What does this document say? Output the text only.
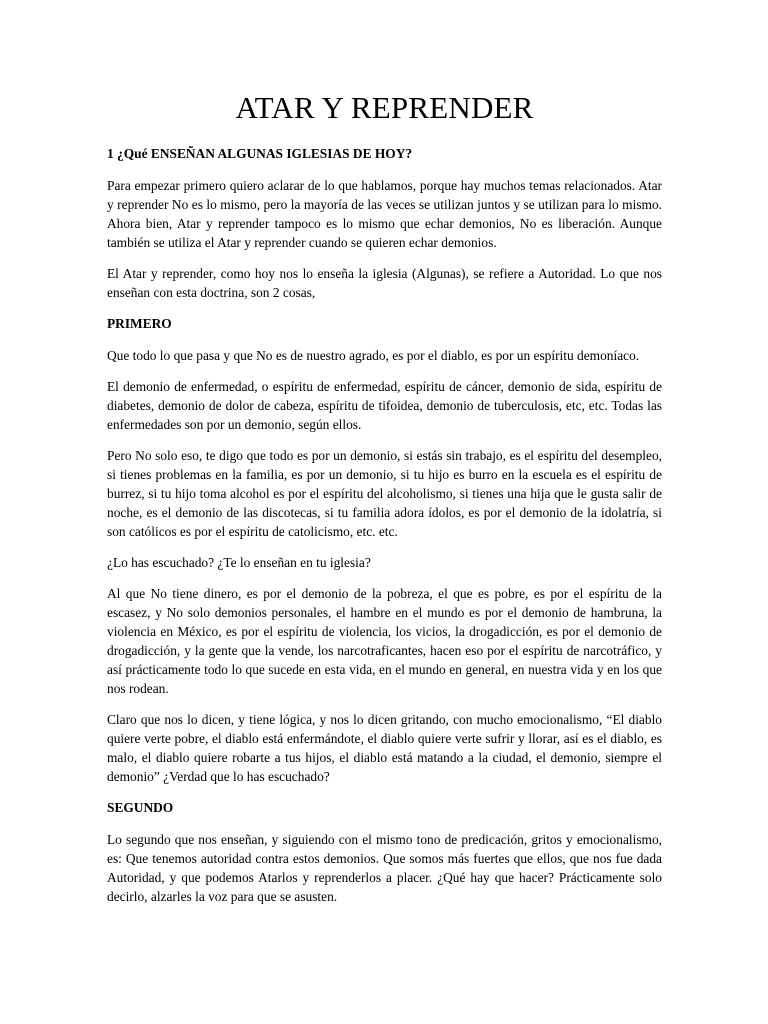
ATAR Y REPRENDER
1 ¿Qué ENSEÑAN ALGUNAS IGLESIAS DE HOY?

Para empezar primero quiero aclarar de lo que hablamos, porque hay muchos temas relacionados. Atar y reprender No es lo mismo, pero la mayoría de las veces se utilizan juntos y se utilizan para lo mismo. Ahora bien, Atar y reprender tampoco es lo mismo que echar demonios, No es liberación. Aunque también se utiliza el Atar y reprender cuando se quieren echar demonios.

El Atar y reprender, como hoy nos lo enseña la iglesia (Algunas), se refiere a Autoridad. Lo que nos enseñan con esta doctrina, son 2 cosas,

PRIMERO

Que todo lo que pasa y que No es de nuestro agrado, es por el diablo, es por un espíritu demoníaco.

El demonio de enfermedad, o espíritu de enfermedad, espíritu de cáncer, demonio de sida, espíritu de diabetes, demonio de dolor de cabeza, espíritu de tifoidea, demonio de tuberculosis, etc, etc. Todas las enfermedades son por un demonio, según ellos.

Pero No solo eso, te digo que todo es por un demonio, si estás sin trabajo, es el espíritu del desempleo, si tienes problemas en la familia, es por un demonio, si tu hijo es burro en la escuela es el espíritu de burrez, si tu hijo toma alcohol es por el espíritu del alcoholismo, si tienes una hija que le gusta salir de noche, es el demonio de las discotecas, si tu familia adora ídolos, es por el demonio de la idolatría, si son católicos es por el espíritu de catolicismo, etc. etc.

¿Lo has escuchado? ¿Te lo enseñan en tu iglesia?

Al que No tiene dinero, es por el demonio de la pobreza, el que es pobre, es por el espíritu de la escasez, y No solo demonios personales, el hambre en el mundo es por el demonio de hambruna, la violencia en México, es por el espíritu de violencia, los vicios, la drogadicción, es por el demonio de drogadicción, y la gente que la vende, los narcotraficantes, hacen eso por el espíritu de narcotráfico, y así prácticamente todo lo que sucede en esta vida, en el mundo en general, en nuestra vida y en los que nos rodean.

Claro que nos lo dicen, y tiene lógica, y nos lo dicen gritando, con mucho emocionalismo, “El diablo quiere verte pobre, el diablo está enfermándote, el diablo quiere verte sufrir y llorar, así es el diablo, es malo, el diablo quiere robarte a tus hijos, el diablo está matando a la ciudad, el demonio, siempre el demonio” ¿Verdad que lo has escuchado?

SEGUNDO

Lo segundo que nos enseñan, y siguiendo con el mismo tono de predicación, gritos y emocionalismo, es: Que tenemos autoridad contra estos demonios. Que somos más fuertes que ellos, que nos fue dada Autoridad, y que podemos Atarlos y reprenderlos a placer. ¿Qué hay que hacer? Prácticamente solo decirlo, alzarles la voz para que se asusten.
